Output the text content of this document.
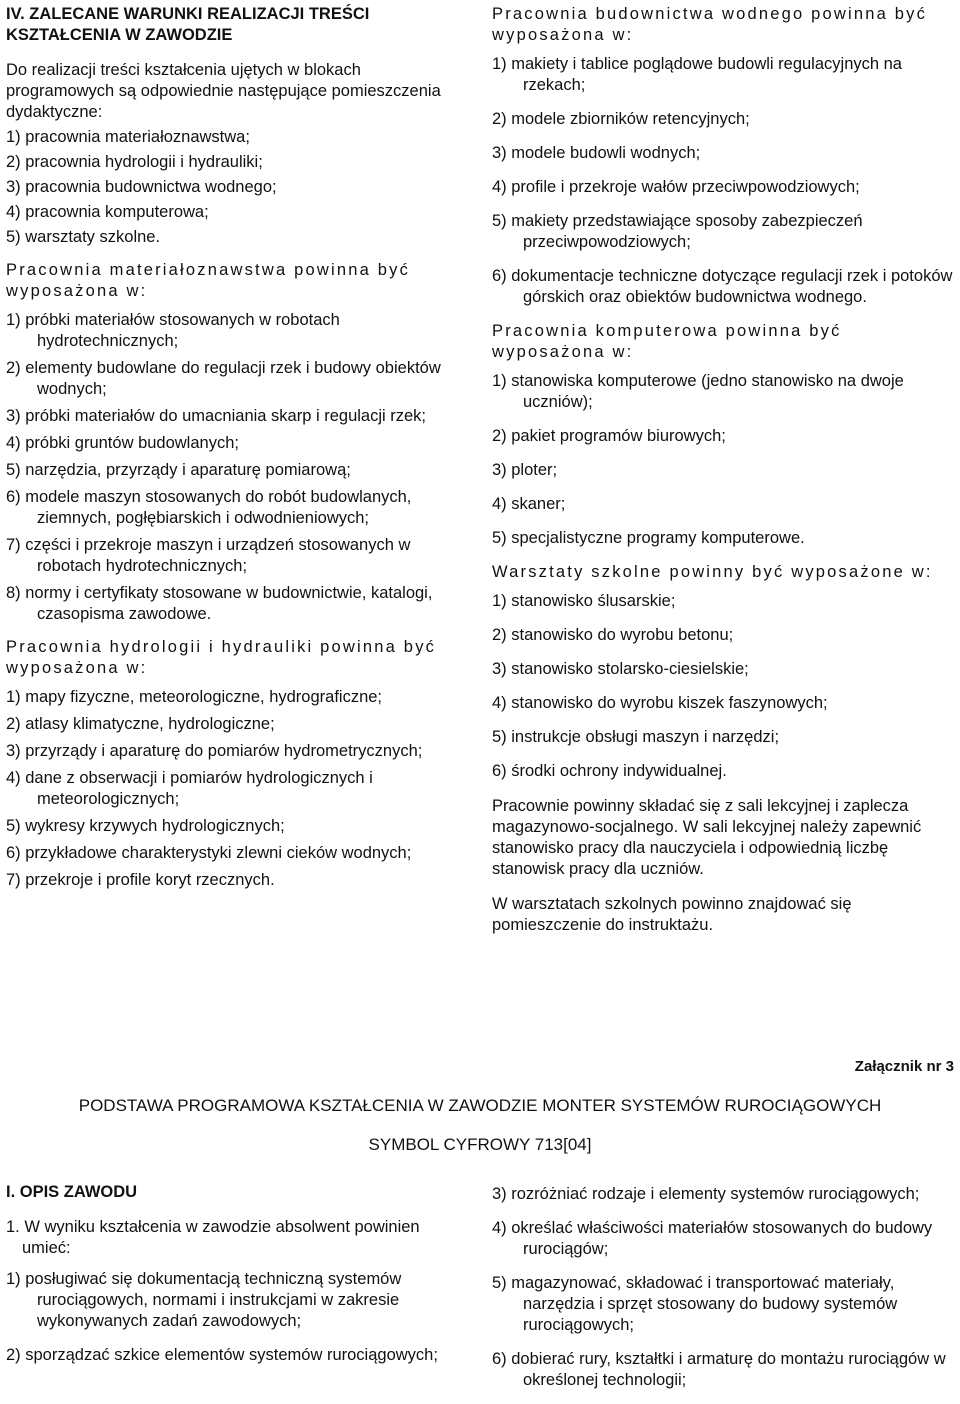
IV. ZALECANE WARUNKI REALIZACJI TREŚCI KSZTAŁCENIA W ZAWODZIE

Do realizacji treści kształcenia ujętych w blokach programowych są odpowiednie następujące pomieszczenia dydaktyczne:

1) pracownia materiałoznawstwa;
2) pracownia hydrologii i hydrauliki;
3) pracownia budownictwa wodnego;
4) pracownia komputerowa;
5) warsztaty szkolne.

Pracownia materiałoznawstwa powinna być wyposażona w:

1) próbki materiałów stosowanych w robotach hydrotechnicznych;
2) elementy budowlane do regulacji rzek i budowy obiektów wodnych;
3) próbki materiałów do umacniania skarp i regulacji rzek;
4) próbki gruntów budowlanych;
5) narzędzia, przyrządy i aparaturę pomiarową;
6) modele maszyn stosowanych do robót budowlanych, ziemnych, pogłębiarskich i odwodnieniowych;
7) części i przekroje maszyn i urządzeń stosowanych w robotach hydrotechnicznych;
8) normy i certyfikaty stosowane w budownictwie, katalogi, czasopisma zawodowe.

Pracownia hydrologii i hydrauliki powinna być wyposażona w:

1) mapy fizyczne, meteorologiczne, hydrograficzne;
2) atlasy klimatyczne, hydrologiczne;
3) przyrządy i aparaturę do pomiarów hydrometrycznych;
4) dane z obserwacji i pomiarów hydrologicznych i meteorologicznych;
5) wykresy krzywych hydrologicznych;
6) przykładowe charakterystyki zlewni cieków wodnych;
7) przekroje i profile koryt rzecznych.

Pracownia budownictwa wodnego powinna być wyposażona w:

1) makiety i tablice poglądowe budowli regulacyjnych na rzekach;
2) modele zbiorników retencyjnych;
3) modele budowli wodnych;
4) profile i przekroje wałów przeciwpowodziowych;
5) makiety przedstawiające sposoby zabezpieczeń przeciwpowodziowych;
6) dokumentacje techniczne dotyczące regulacji rzek i potoków górskich oraz obiektów budownictwa wodnego.

Pracownia komputerowa powinna być wyposażona w:

1) stanowiska komputerowe (jedno stanowisko na dwoje uczniów);
2) pakiet programów biurowych;
3) ploter;
4) skaner;
5) specjalistyczne programy komputerowe.

Warsztaty szkolne powinny być wyposażone w:

1) stanowisko ślusarskie;
2) stanowisko do wyrobu betonu;
3) stanowisko stolarsko-ciesielskie;
4) stanowisko do wyrobu kiszek faszynowych;
5) instrukcje obsługi maszyn i narzędzi;
6) środki ochrony indywidualnej.

Pracownie powinny składać się z sali lekcyjnej i zaplecza magazynowo-socjalnego. W sali lekcyjnej należy zapewnić stanowisko pracy dla nauczyciela i odpowiednią liczbę stanowisk pracy dla uczniów.

W warsztatach szkolnych powinno znajdować się pomieszczenie do instruktażu.

Załącznik nr 3
PODSTAWA PROGRAMOWA KSZTAŁCENIA W ZAWODZIE MONTER SYSTEMÓW RUROCIĄGOWYCH
SYMBOL CYFROWY 713[04]

I. OPIS ZAWODU

1. W wyniku kształcenia w zawodzie absolwent powinien umieć:

1) posługiwać się dokumentacją techniczną systemów rurociągowych, normami i instrukcjami w zakresie wykonywanych zadań zawodowych;
2) sporządzać szkice elementów systemów rurociągowych;
3) rozróżniać rodzaje i elementy systemów rurociągowych;
4) określać właściwości materiałów stosowanych do budowy rurociągów;
5) magazynować, składować i transportować materiały, narzędzia i sprzęt stosowany do budowy systemów rurociągowych;
6) dobierać rury, kształtki i armaturę do montażu rurociągów w określonej technologii;
